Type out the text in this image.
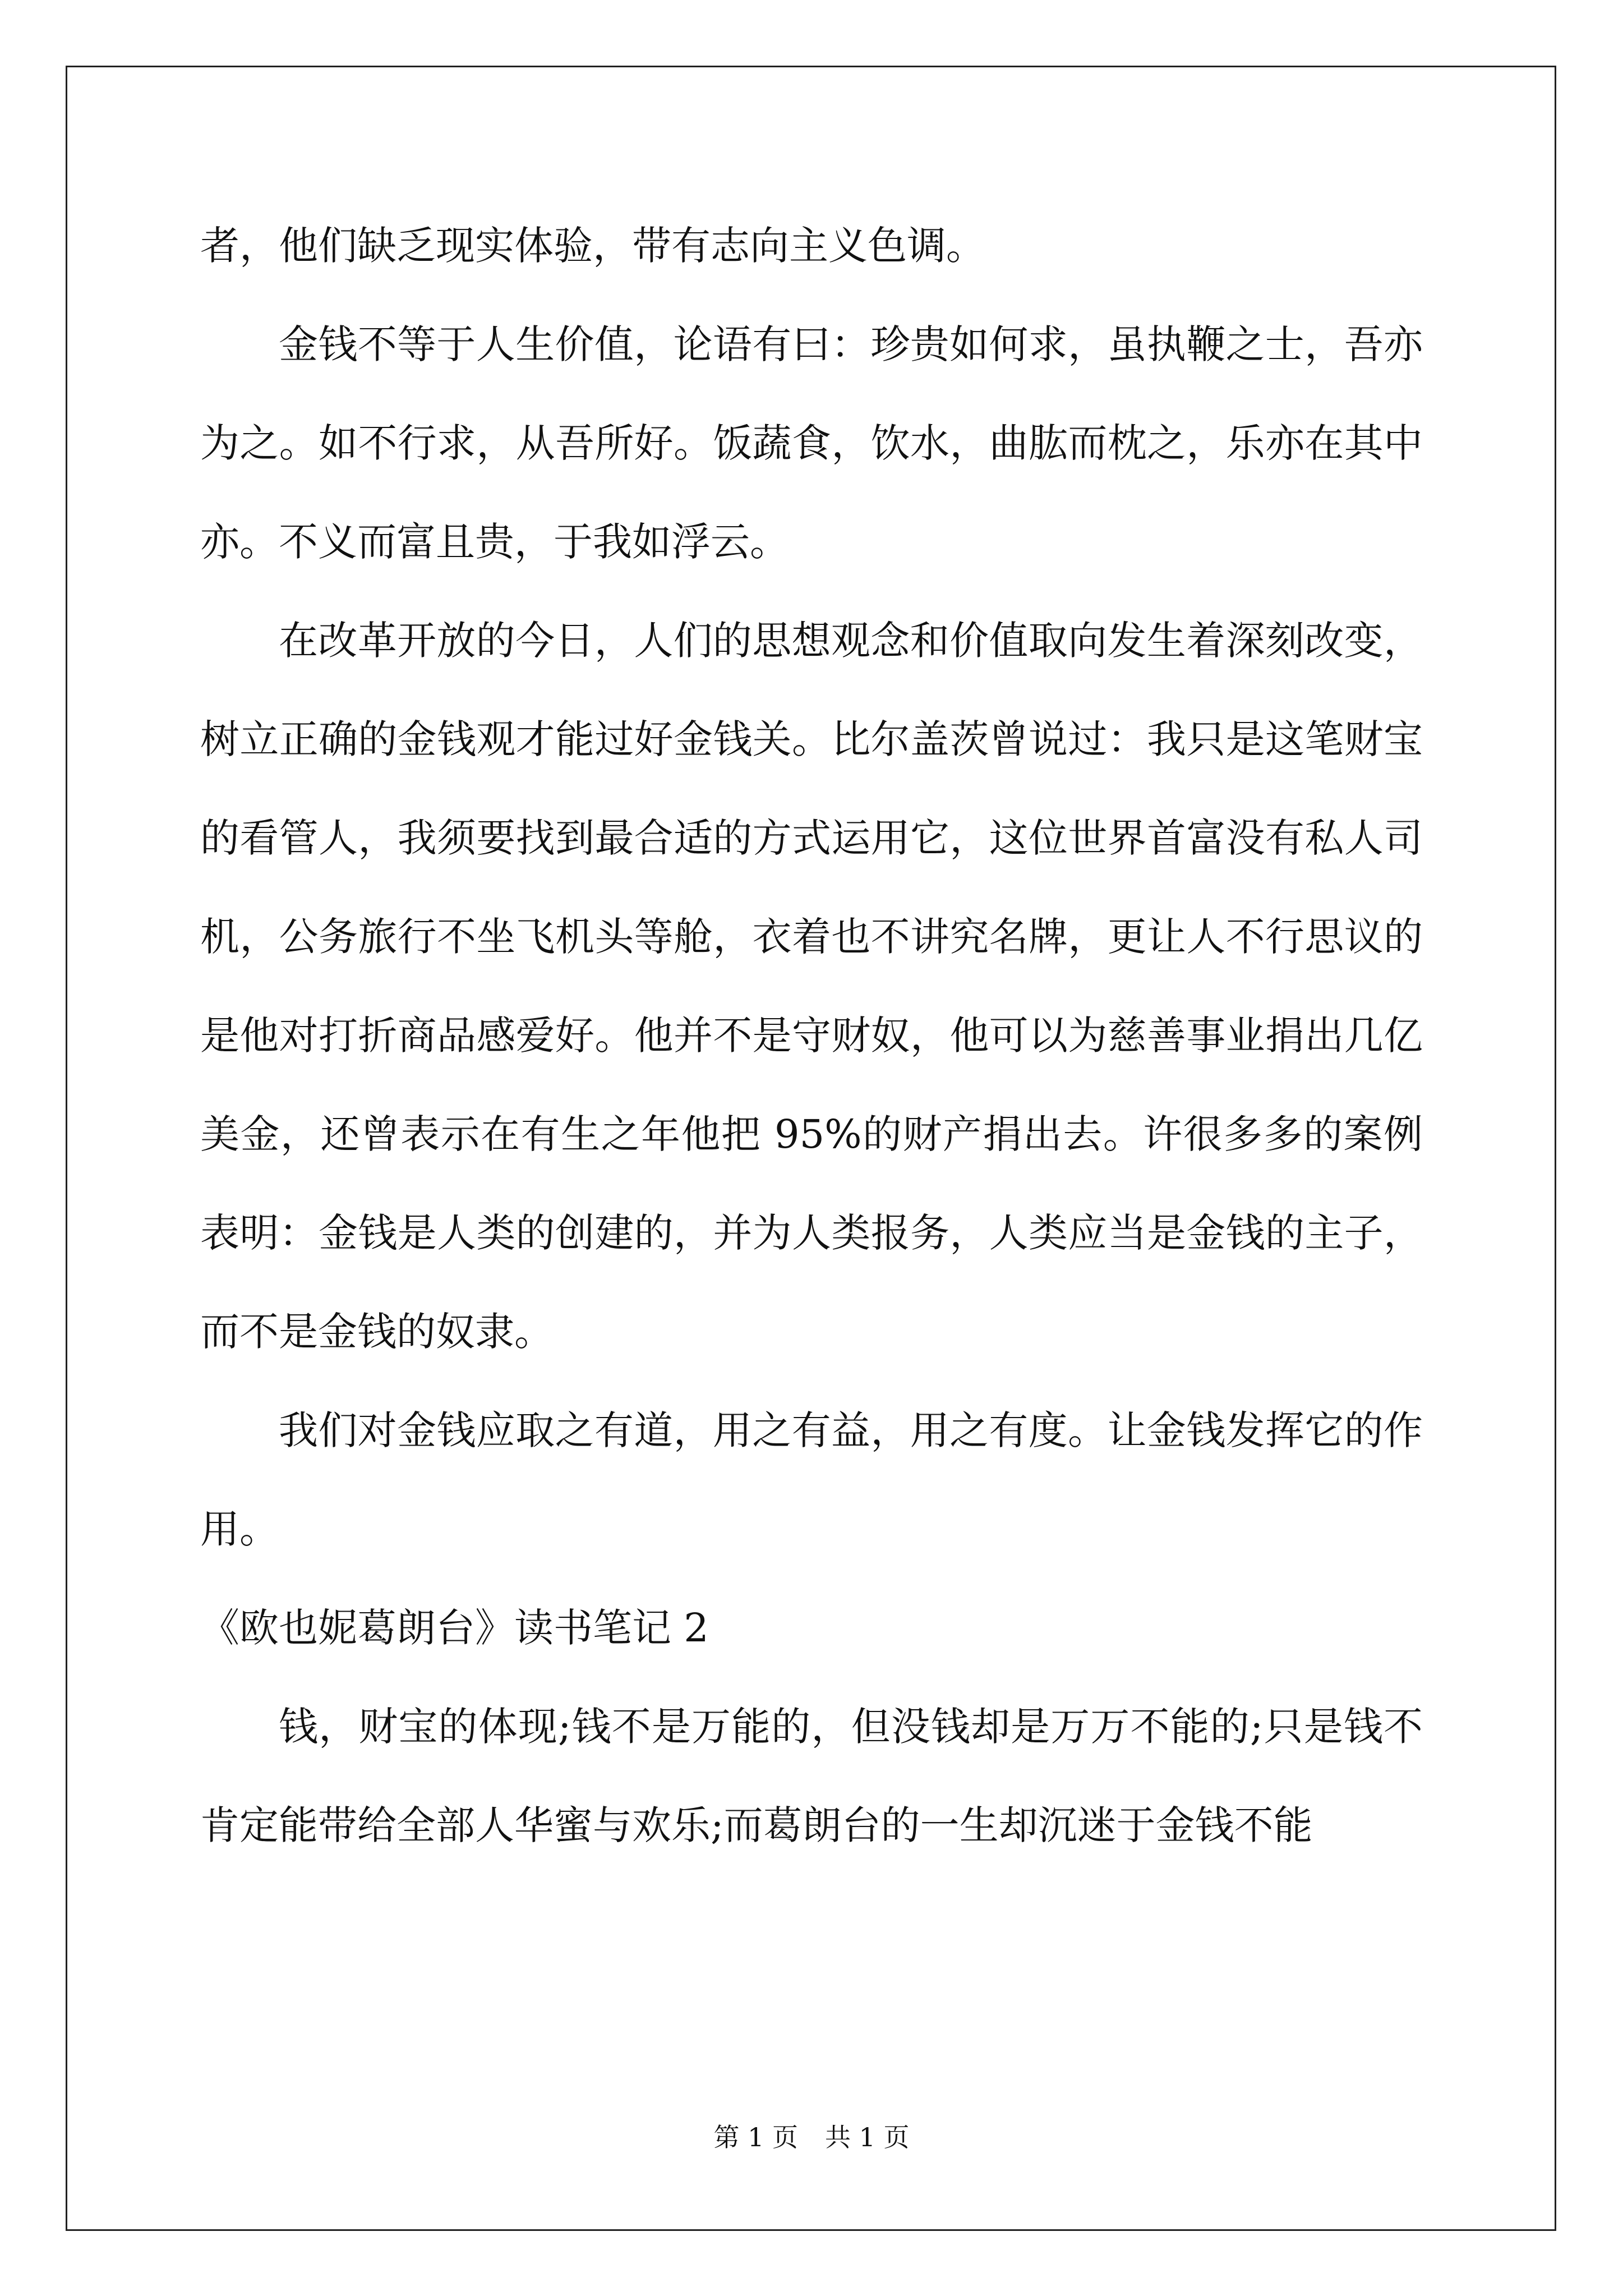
者，他们缺乏现实体验，带有志向主义色调。

金钱不等于人生价值，论语有曰：珍贵如何求，虽执鞭之士，吾亦为之。如不行求，从吾所好。饭蔬食，饮水，曲肱而枕之，乐亦在其中亦。不义而富且贵，于我如浮云。

在改革开放的今日，人们的思想观念和价值取向发生着深刻改变，树立正确的金钱观才能过好金钱关。比尔盖茨曾说过：我只是这笔财宝的看管人，我须要找到最合适的方式运用它，这位世界首富没有私人司机，公务旅行不坐飞机头等舱，衣着也不讲究名牌，更让人不行思议的是他对打折商品感爱好。他并不是守财奴，他可以为慈善事业捐出几亿美金，还曾表示在有生之年他把 95%的财产捐出去。许很多多的案例表明：金钱是人类的创建的，并为人类报务，人类应当是金钱的主子，而不是金钱的奴隶。

我们对金钱应取之有道，用之有益，用之有度。让金钱发挥它的作用。

《欧也妮葛朗台》读书笔记 2

钱，财宝的体现;钱不是万能的，但没钱却是万万不能的;只是钱不肯定能带给全部人华蜜与欢乐;而葛朗台的一生却沉迷于金钱不能

第 1 页 共 1 页
